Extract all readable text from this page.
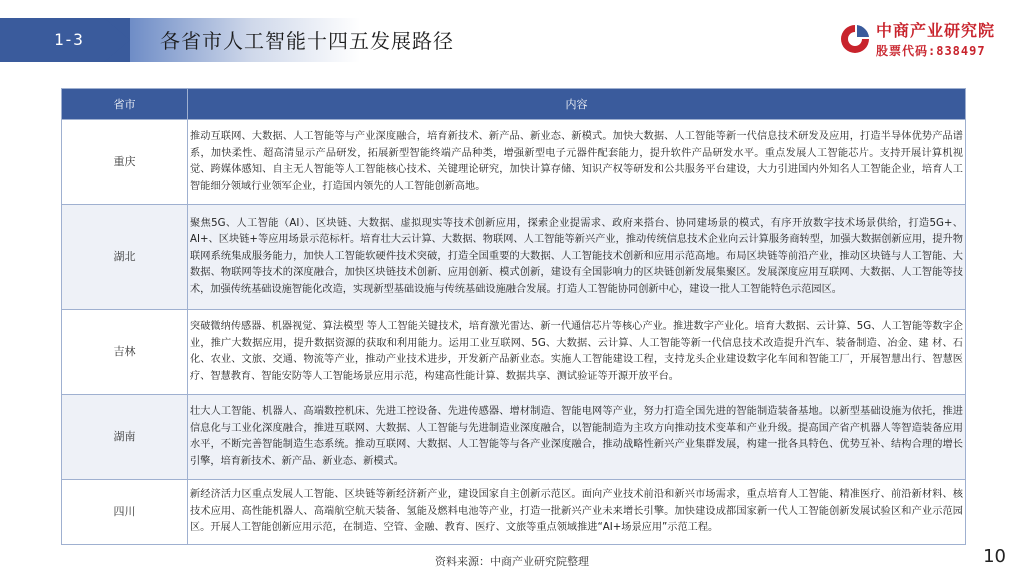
1-3	各省市人工智能十四五发展路径	中商产业研究院
股票代码:838497
省市	内容
重庆	推动互联网、大数据、人工智能等与产业深度融合，培育新技术、新产品、新业态、新模式。加快大数据、人工智能等新一代信息技术研发及应用，打造半导体优势产品谱系，加快柔性、超高清显示产品研发，拓展新型智能终端产品种类，增强新型电子元器件配套能力，提升软件产品研发水平。重点发展人工智能芯片。支持开展计算机视觉、跨媒体感知、自主无人智能等人工智能核心技术、关键理论研究，加快计算存储、知识产权等研发和公共服务平台建设，大力引进国内外知名人工智能企业，培育人工智能细分领域行业领军企业，打造国内领先的人工智能创新高地。
湖北	聚焦5G、人工智能（AI）、区块链、大数据、虚拟现实等技术创新应用，探索企业提需求、政府来搭台、协同建场景的模式，有序开放数字技术场景供给，打造5G+、AI+、区块链+等应用场景示范标杆。培育壮大云计算、大数据、物联网、人工智能等新兴产业，推动传统信息技术企业向云计算服务商转型，加强大数据创新应用，提升物联网系统集成服务能力，加快人工智能软硬件技术突破，打造全国重要的大数据、人工智能技术创新和应用示范高地。布局区块链等前沿产业，推动区块链与人工智能、大数据、物联网等技术的深度融合，加快区块链技术创新、应用创新、模式创新，建设有全国影响力的区块链创新发展集聚区。发展深度应用互联网、大数据、人工智能等技术，加强传统基础设施智能化改造，实现新型基础设施与传统基础设施融合发展。打造人工智能协同创新中心，建设一批人工智能特色示范园区。
吉林	突破微纳传感器、机器视觉、算法模型 等人工智能关键技术，培育激光雷达、新一代通信芯片等核心产业。推进数字产业化。培育大数据、云计算、5G、人工智能等数字企业，推广大数据应用，提升数据资源的获取和利用能力。运用工业互联网、5G、大数据、云计算、人工智能等新一代信息技术改造提升汽车、装备制造、冶金、建 材、石化、农业、文旅、交通、物流等产业，推动产业技术进步，开发新产品新业态。实施人工智能建设工程，支持龙头企业建设数字化车间和智能工厂，开展智慧出行、智慧医疗、智慧教育、智能安防等人工智能场景应用示范，构建高性能计算、数据共享、测试验证等开源开放平台。
湖南	壮大人工智能、机器人、高端数控机床、先进工控设备、先进传感器、增材制造、智能电网等产业，努力打造全国先进的智能制造装备基地。以新型基础设施为依托，推进信息化与工业化深度融合，推进互联网、大数据、人工智能与先进制造业深度融合，以智能制造为主攻方向推动技术变革和产业升级。提高国产省产机器人等智造装备应用水平，不断完善智能制造生态系统。推动互联网、大数据、人工智能等与各产业深度融合，推动战略性新兴产业集群发展，构建一批各具特色、优势互补、结构合理的增长引擎，培育新技术、新产品、新业态、新模式。
四川	新经济活力区重点发展人工智能、区块链等新经济新产业，建设国家自主创新示范区。面向产业技术前沿和新兴市场需求，重点培育人工智能、精准医疗、前沿新材料、核技术应用、高性能机器人、高端航空航天装备、氢能及燃料电池等产业，打造一批新兴产业未来增长引擎。加快建设成都国家新一代人工智能创新发展试验区和产业示范园区。开展人工智能创新应用示范，在制造、空管、金融、教育、医疗、文旅等重点领域推进“AI+场景应用”示范工程。
资料来源：中商产业研究院整理	10
